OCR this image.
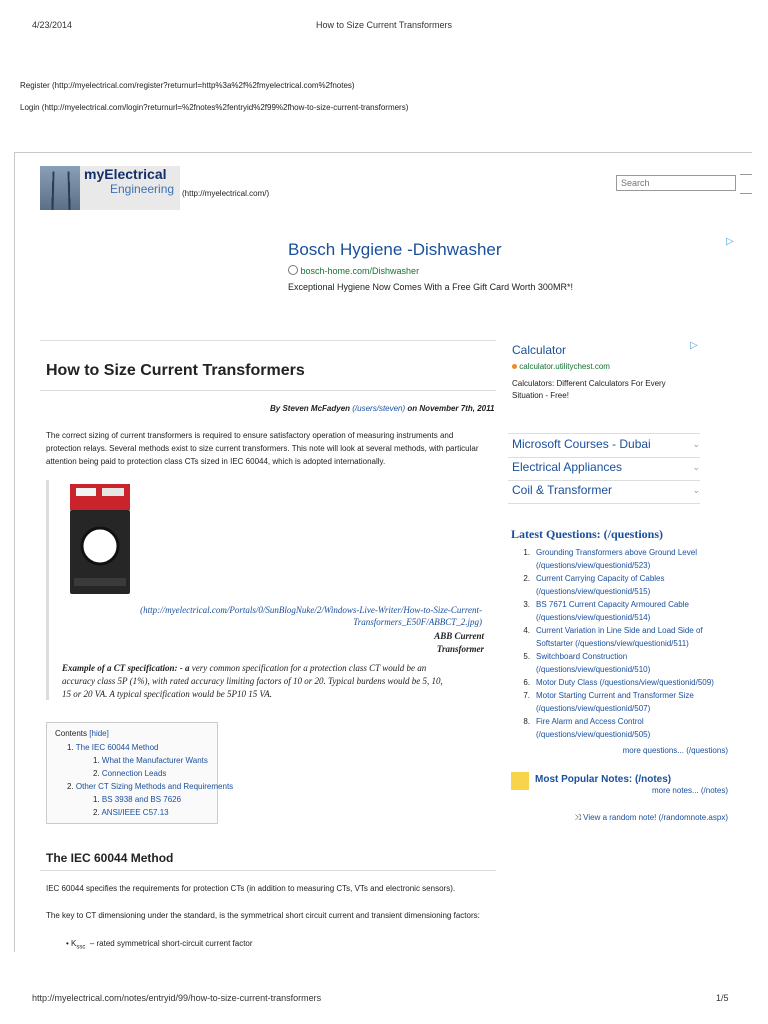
4/23/2014	How to Size Current Transformers
Register (http://myelectrical.com/register?returnurl=http%3a%2f%2fmyelectrical.com%2fnotes)
Login (http://myelectrical.com/login?returnurl=%2fnotes%2fentryid%2f99%2fhow-to-size-current-transformers)
myElectrical
Engineering (http://myelectrical.com/)
Search
Bosch Hygiene -Dishwasher	▷
bosch-home.com/Dishwasher
Exceptional Hygiene Now Comes With a Free Gift Card Worth 300MR*!
How to Size Current Transformers
By Steven McFadyen (/users/steven) on November 7th, 2011
The correct sizing of current transformers is required to ensure satisfactory operation of measuring instruments and
protection relays. Several methods exist to size current transformers. This note will look at several methods, with particular
attention being paid to protection class CTs sized in IEC 60044, which is adopted internationally.
(http://myelectrical.com/Portals/0/SunBlogNuke/2/Windows-Live-Writer/How-to-Size-Current-
Transformers_E50F/ABBCT_2.jpg)
ABB Current
Transformer
Example of a CT specification: - a very common specification for a protection class CT would be an
accuracy class 5P (1%), with rated accuracy limiting factors of 10 or 20. Typical burdens would be 5, 10,
15 or 20 VA. A typical specification would be 5P10 15 VA.
Contents [hide]
1. The IEC 60044 Method
1. What the Manufacturer Wants
2. Connection Leads
2. Other CT Sizing Methods and Requirements
1. BS 3938 and BS 7626
2. ANSI/IEEE C57.13
The IEC 60044 Method
IEC 60044 specifies the requirements for protection CTs (in addition to measuring CTs, VTs and electronic sensors).
The key to CT dimensioning under the standard, is the symmetrical short circuit current and transient dimensioning factors:
• $K_{ssc}$ – rated symmetrical short-circuit current factor
Calculator	▷
calculator.utilitychest.com
Calculators: Different Calculators For Every
Situation - Free!
Microsoft Courses - Dubai	⌄
Electrical Appliances	⌄
Coil & Transformer	⌄
Latest Questions: (/questions)
1. Grounding Transformers above Ground Level
(/questions/view/questionid/523)
2. Current Carrying Capacity of Cables
(/questions/view/questionid/515)
3. BS 7671 Current Capacity Armoured Cable
(/questions/view/questionid/514)
4. Current Variation in Line Side and Load Side of
Softstarter (/questions/view/questionid/511)
5. Switchboard Construction
(/questions/view/questionid/510)
6. Motor Duty Class (/questions/view/questionid/509)
7. Motor Starting Current and Transformer Size
(/questions/view/questionid/507)
8. Fire Alarm and Access Control
(/questions/view/questionid/505)
more questions... (/questions)
Most Popular Notes: (/notes)
more notes... (/notes)
⤨ View a random note! (/randomnote.aspx)
http://myelectrical.com/notes/entryid/99/how-to-size-current-transformers	1/5
